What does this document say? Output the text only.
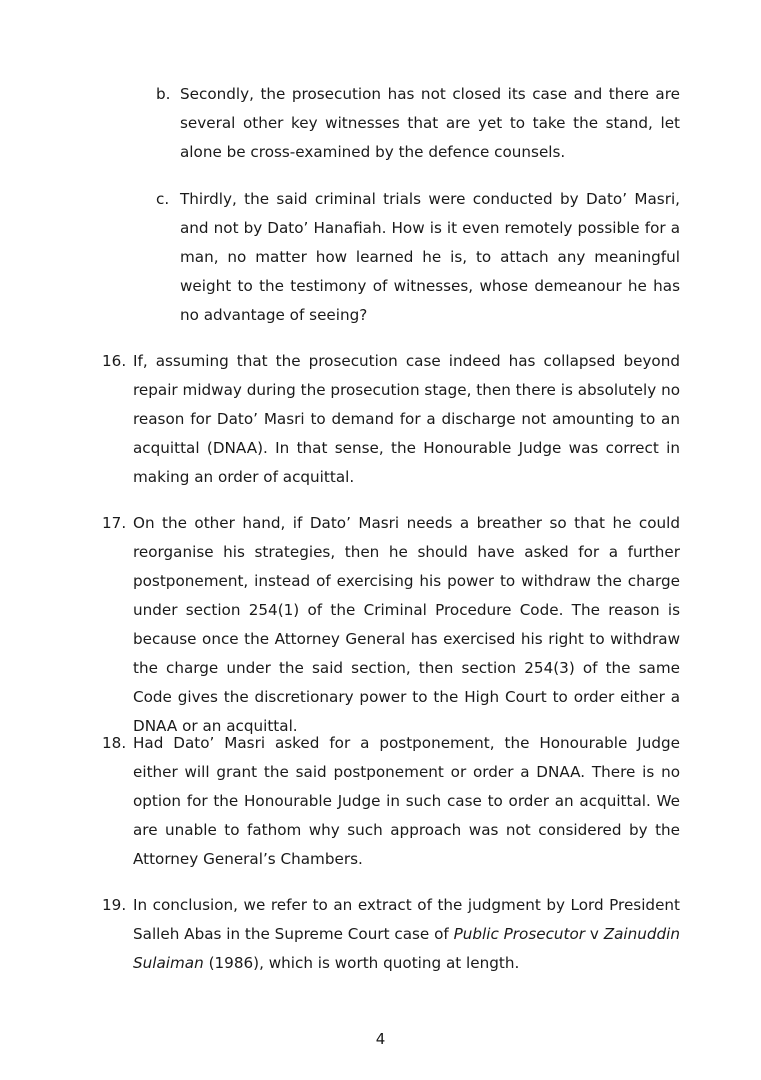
b. Secondly, the prosecution has not closed its case and there are several other key witnesses that are yet to take the stand, let alone be cross-examined by the defence counsels.

c. Thirdly, the said criminal trials were conducted by Dato’ Masri, and not by Dato’ Hanafiah. How is it even remotely possible for a man, no matter how learned he is, to attach any meaningful weight to the testimony of witnesses, whose demeanour he has no advantage of seeing?

16. If, assuming that the prosecution case indeed has collapsed beyond repair midway during the prosecution stage, then there is absolutely no reason for Dato’ Masri to demand for a discharge not amounting to an acquittal (DNAA). In that sense, the Honourable Judge was correct in making an order of acquittal.

17. On the other hand, if Dato’ Masri needs a breather so that he could reorganise his strategies, then he should have asked for a further postponement, instead of exercising his power to withdraw the charge under section 254(1) of the Criminal Procedure Code. The reason is because once the Attorney General has exercised his right to withdraw the charge under the said section, then section 254(3) of the same Code gives the discretionary power to the High Court to order either a DNAA or an acquittal.

18. Had Dato’ Masri asked for a postponement, the Honourable Judge either will grant the said postponement or order a DNAA. There is no option for the Honourable Judge in such case to order an acquittal. We are unable to fathom why such approach was not considered by the Attorney General’s Chambers.

19. In conclusion, we refer to an extract of the judgment by Lord President Salleh Abas in the Supreme Court case of Public Prosecutor v Zainuddin Sulaiman (1986), which is worth quoting at length.

4
